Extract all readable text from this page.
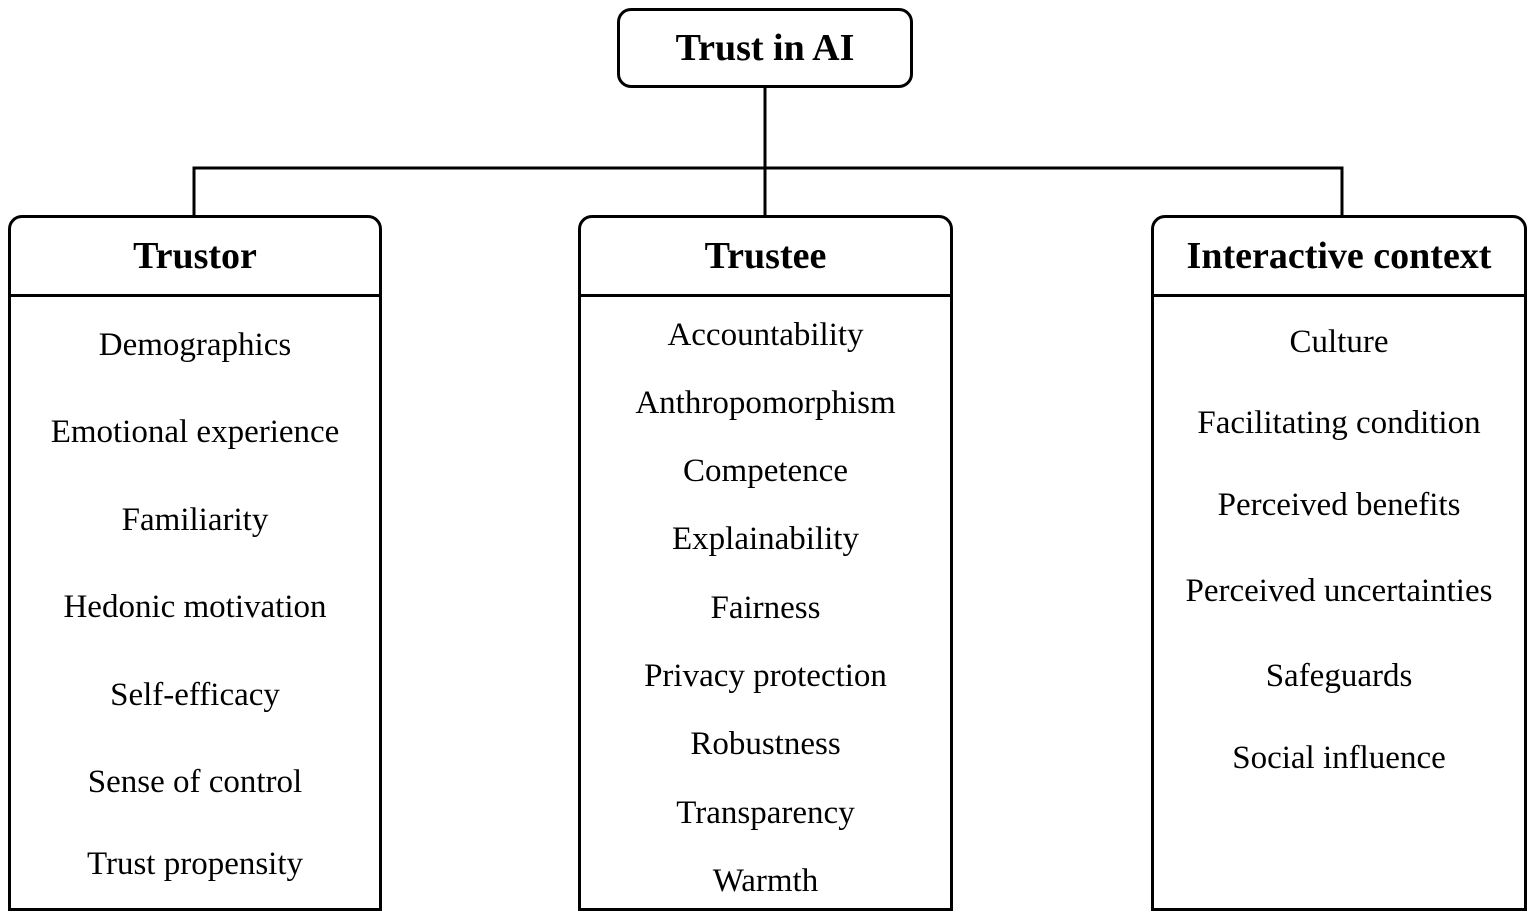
Trust in AI
Trustor
Demographics
Emotional experience
Familiarity
Hedonic motivation
Self-efficacy
Sense of control
Trust propensity
Trustee
Accountability
Anthropomorphism
Competence
Explainability
Fairness
Privacy protection
Robustness
Transparency
Warmth
Interactive context
Culture
Facilitating condition
Perceived benefits
Perceived uncertainties
Safeguards
Social influence
